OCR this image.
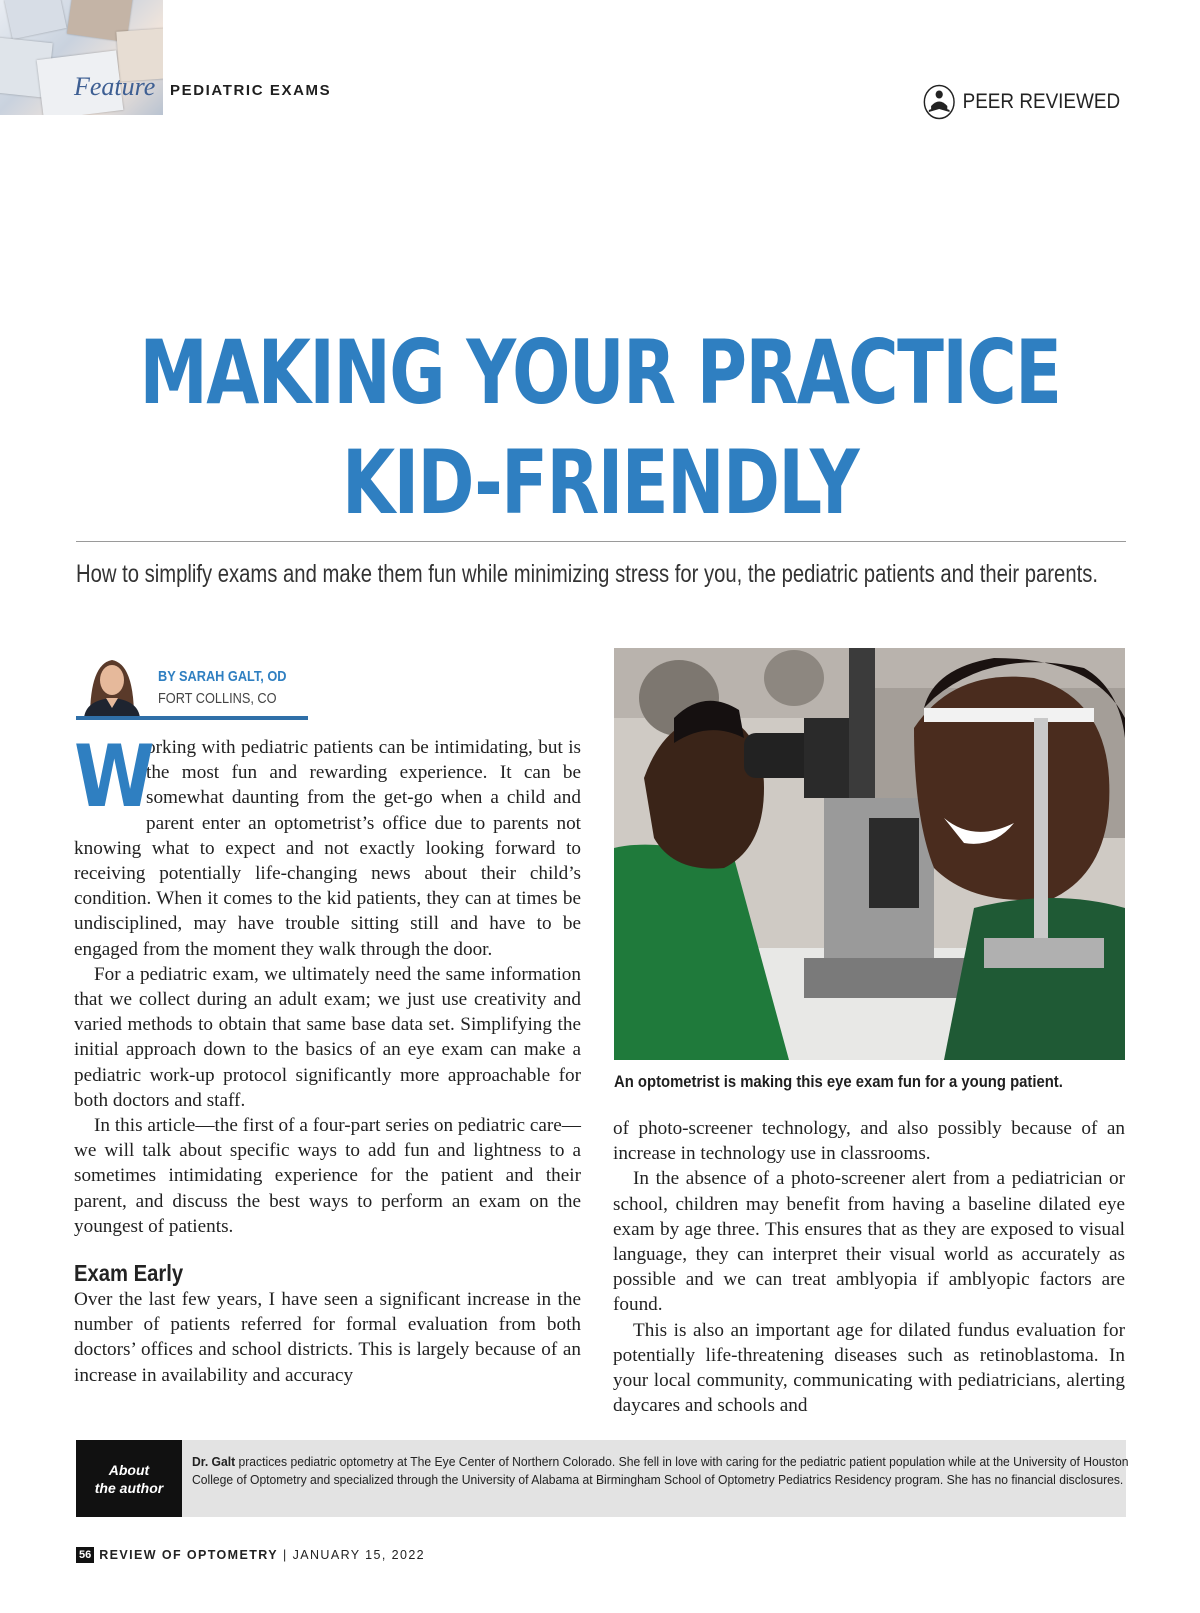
Feature PEDIATRIC EXAMS	PEER REVIEWED
MAKING YOUR PRACTICE
KID-FRIENDLY
How to simplify exams and make them fun while minimizing stress for you, the pediatric patients and their parents.
BY SARAH GALT, OD
FORT COLLINS, CO

W
orking with pediatric patients can be intimidating, but is the most fun and rewarding experience. It can be somewhat daunting from the get-go when a child and parent enter an optometrist’s office due to parents not knowing what to expect and not exactly looking forward to receiving potentially life-changing news about their child’s condition. When it comes to the kid patients, they can at times be undisciplined, may have trouble sitting still and have to be engaged from the moment they walk through the door.

For a pediatric exam, we ultimately need the same information that we collect during an adult exam; we just use creativity and varied methods to obtain that same base data set. Simplifying the initial approach down to the basics of an eye exam can make a pediatric work-up protocol significantly more approachable for both doctors and staff.

In this article—the first of a four-part series on pediatric care—we will talk about specific ways to add fun and lightness to a sometimes intimidating experience for the patient and their parent, and discuss the best ways to perform an exam on the youngest of patients.

Exam Early

Over the last few years, I have seen a significant increase in the number of patients referred for formal evaluation from both doctors’ offices and school districts. This is largely because of an increase in availability and accuracy

An optometrist is making this eye exam fun for a young patient.

of photo-screener technology, and also possibly because of an increase in technology use in classrooms.

In the absence of a photo-screener alert from a pediatrician or school, children may benefit from having a baseline dilated eye exam by age three. This ensures that as they are exposed to visual language, they can interpret their visual world as accurately as possible and we can treat amblyopia if amblyopic factors are found.

This is also an important age for dilated fundus evaluation for potentially life-threatening diseases such as retinoblastoma. In your local community, communicating with pediatricians, alerting daycares and schools and

About
the author
Dr. Galt practices pediatric optometry at The Eye Center of Northern Colorado. She fell in love with caring for the pediatric patient population while at the University of Houston College of Optometry and specialized through the University of Alabama at Birmingham School of Optometry Pediatrics Residency program. She has no financial disclosures.
56 REVIEW OF OPTOMETRY | JANUARY 15, 2022
